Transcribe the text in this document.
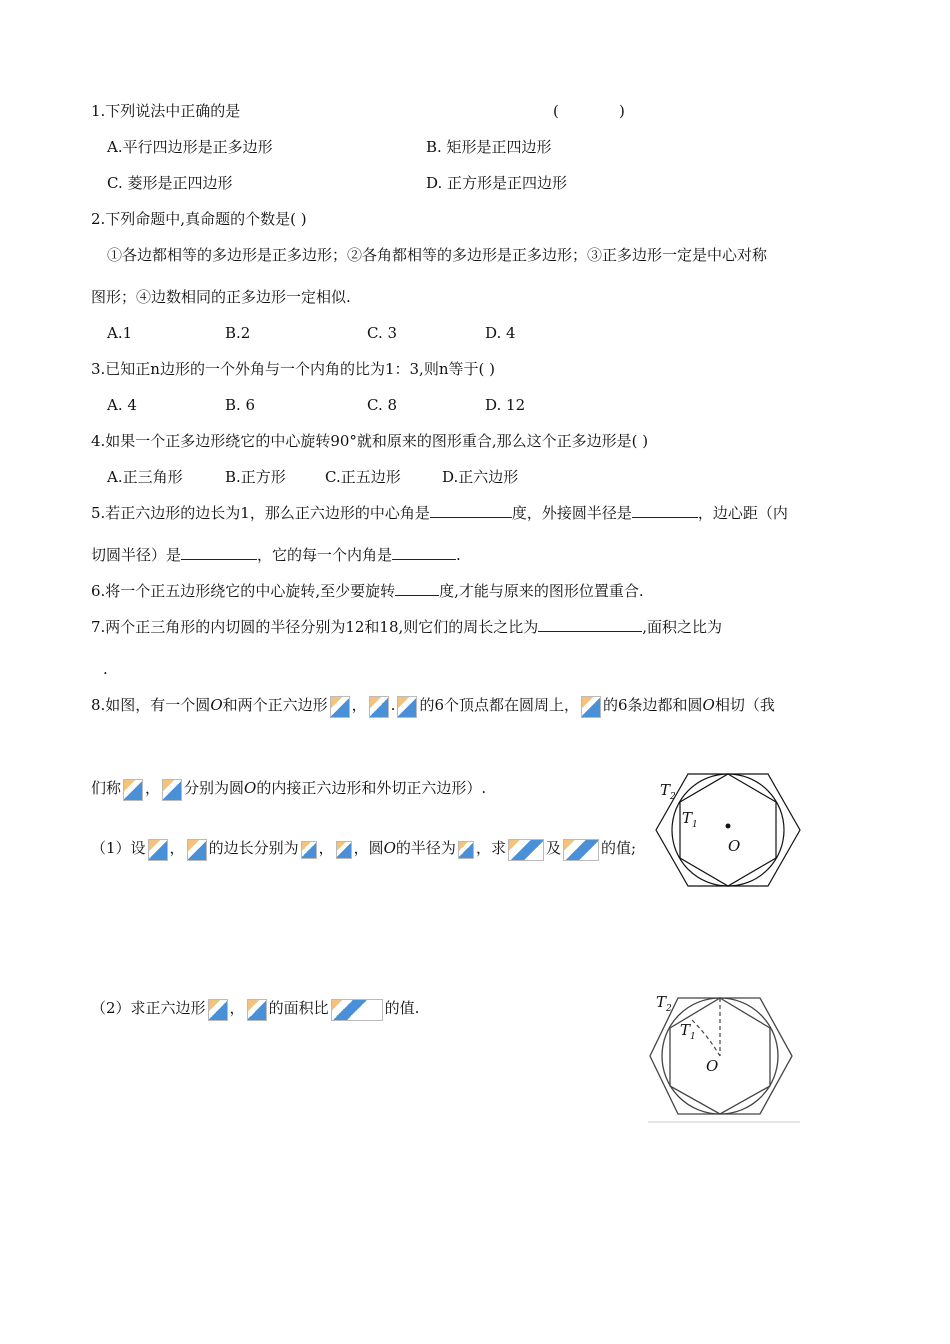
1.下列说法中正确的是	(	)
A.平行四边形是正多边形	B. 矩形是正四边形
C. 菱形是正四边形	D. 正方形是正四边形
2.下列命题中,真命题的个数是( )
①各边都相等的多边形是正多边形；②各角都相等的多边形是正多边形；③正多边形一定是中心对称
图形；④边数相同的正多边形一定相似.
A.1	B.2	C. 3	D. 4
3.已知正n边形的一个外角与一个内角的比为1：3,则n等于( )
A. 4	B. 6	C. 8	D. 12
4.如果一个正多边形绕它的中心旋转90°就和原来的图形重合,那么这个正多边形是( )
A.正三角形	B.正方形	C.正五边形	D.正六边形
5.若正六边形的边长为1，那么正六边形的中心角是	度，外接圆半径是	，边心距（内
切圆半径）是	，它的每一个内角是	.
6.将一个正五边形绕它的中心旋转,至少要旋转	度,才能与原来的图形位置重合.
7.两个正三角形的内切圆的半径分别为12和18,则它们的周长之比为	,面积之比为
.
8.如图，有一个圆O和两个正六边形 ， . 的6个顶点都在圆周上， 的6条边都和圆O相切（我
们称 ， 分别为圆O的内接正六边形和外切正六边形）.
（1）设 ， 的边长分别为 ， ，圆O的半径为 ，求	及	的值;
（2）求正六边形 ， 的面积比	的值.
$T_2$
$T_1$
O
$T_2$
$T_1$
O
